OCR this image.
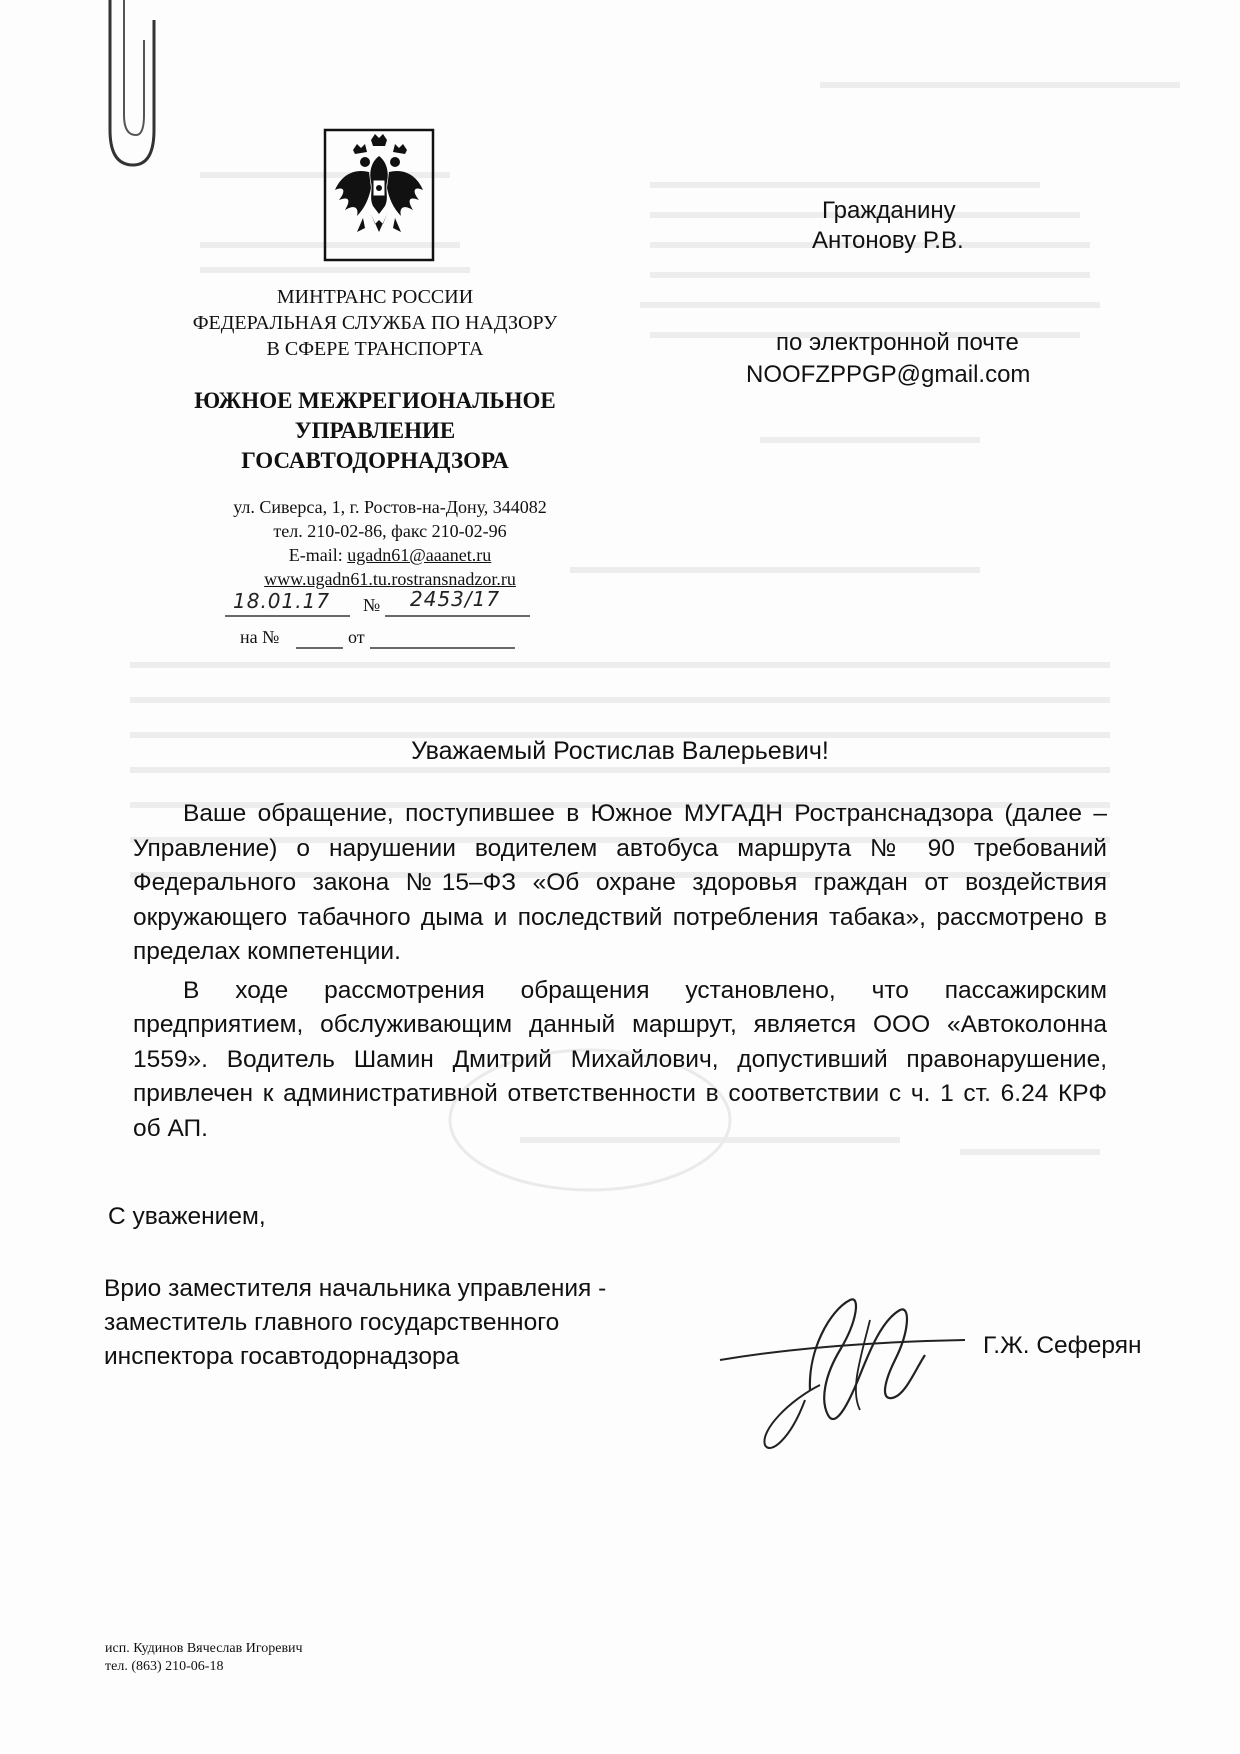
МИНТРАНС РОССИИ
ФЕДЕРАЛЬНАЯ СЛУЖБА ПО НАДЗОРУ
В СФЕРЕ ТРАНСПОРТА
ЮЖНОЕ МЕЖРЕГИОНАЛЬНОЕ
УПРАВЛЕНИЕ
ГОСАВТОДОРНАДЗОРА
ул. Сиверса, 1, г. Ростов-на-Дону, 344082
тел. 210-02-86, факс 210-02-96
E-mail: ugadn61@aaanet.ru
www.ugadn61.tu.rostransnadzor.ru
18.01.17 № 2453/17
на №	от
Гражданину
Антонову Р.В.
по электронной почте
NOOFZPPGP@gmail.com
Уважаемый Ростислав Валерьевич!

Ваше обращение, поступившее в Южное МУГАДН Ространснадзора (далее – Управление) о нарушении водителем автобуса маршрута № 90 требований Федерального закона №15–ФЗ «Об охране здоровья граждан от воздействия окружающего табачного дыма и последствий потребления табака», рассмотрено в пределах компетенции.

В ходе рассмотрения обращения установлено, что пассажирским предприятием, обслуживающим данный маршрут, является ООО «Автоколонна 1559». Водитель Шамин Дмитрий Михайлович, допустивший правонарушение, привлечен к административной ответственности в соответствии с ч. 1 ст. 6.24 КРФ об АП.

С уважением,
Врио заместителя начальника управления -
заместитель главного государственного
инспектора госавтодорнадзора	Г.Ж. Сеферян
исп. Кудинов Вячеслав Игоревич
тел. (863) 210-06-18
